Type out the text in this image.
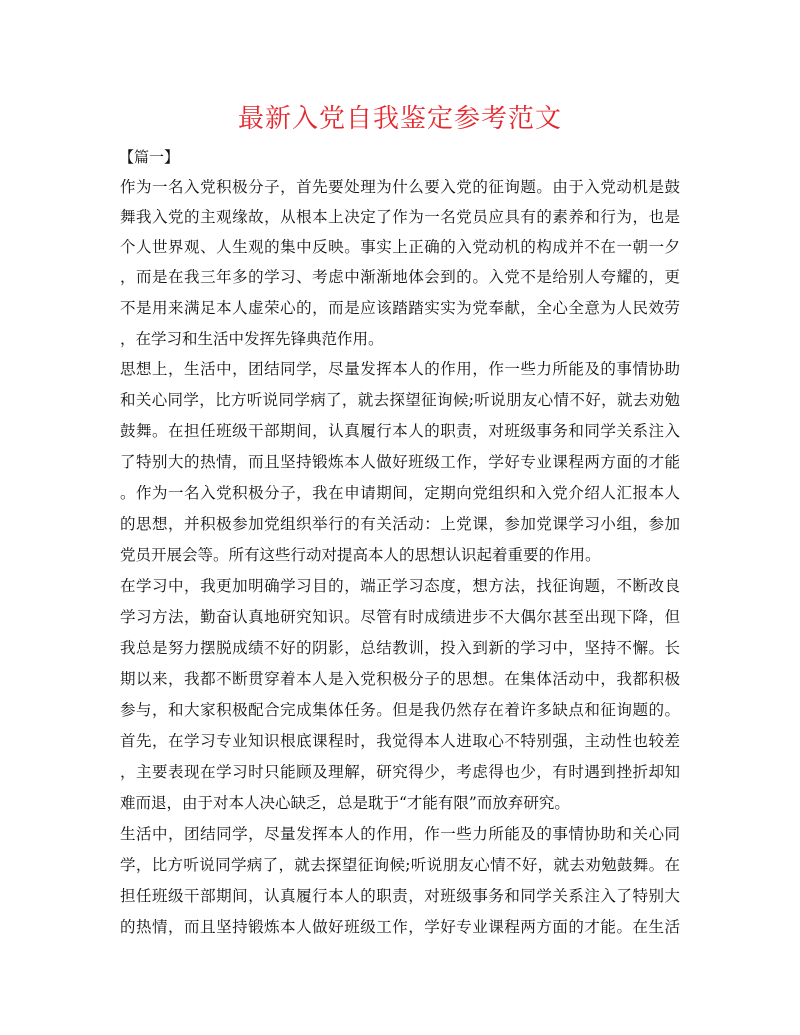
最新入党自我鉴定参考范文

【篇一】

作为一名入党积极分子，首先要处理为什么要入党的征询题。由于入党动机是鼓

舞我入党的主观缘故，从根本上决定了作为一名党员应具有的素养和行为，也是

个人世界观、人生观的集中反映。事实上正确的入党动机的构成并不在一朝一夕

，而是在我三年多的学习、考虑中渐渐地体会到的。入党不是给别人夸耀的，更

不是用来满足本人虚荣心的，而是应该踏踏实实为党奉献，全心全意为人民效劳

，在学习和生活中发挥先锋典范作用。

思想上，生活中，团结同学，尽量发挥本人的作用，作一些力所能及的事情协助

和关心同学，比方听说同学病了，就去探望征询候;听说朋友心情不好，就去劝勉

鼓舞。在担任班级干部期间，认真履行本人的职责，对班级事务和同学关系注入

了特别大的热情，而且坚持锻炼本人做好班级工作，学好专业课程两方面的才能

。作为一名入党积极分子，我在申请期间，定期向党组织和入党介绍人汇报本人

的思想，并积极参加党组织举行的有关活动：上党课，参加党课学习小组，参加

党员开展会等。所有这些行动对提高本人的思想认识起着重要的作用。

在学习中，我更加明确学习目的，端正学习态度，想方法，找征询题，不断改良

学习方法，勤奋认真地研究知识。尽管有时成绩进步不大偶尔甚至出现下降，但

我总是努力摆脱成绩不好的阴影，总结教训，投入到新的学习中，坚持不懈。长

期以来，我都不断贯穿着本人是入党积极分子的思想。在集体活动中，我都积极

参与，和大家积极配合完成集体任务。但是我仍然存在着许多缺点和征询题的。

首先，在学习专业知识根底课程时，我觉得本人进取心不特别强，主动性也较差

，主要表现在学习时只能顾及理解，研究得少，考虑得也少，有时遇到挫折却知

难而退，由于对本人决心缺乏，总是耽于“才能有限”而放弃研究。

生活中，团结同学，尽量发挥本人的作用，作一些力所能及的事情协助和关心同

学，比方听说同学病了，就去探望征询候;听说朋友心情不好，就去劝勉鼓舞。在

担任班级干部期间，认真履行本人的职责，对班级事务和同学关系注入了特别大

的热情，而且坚持锻炼本人做好班级工作，学好专业课程两方面的才能。在生活
